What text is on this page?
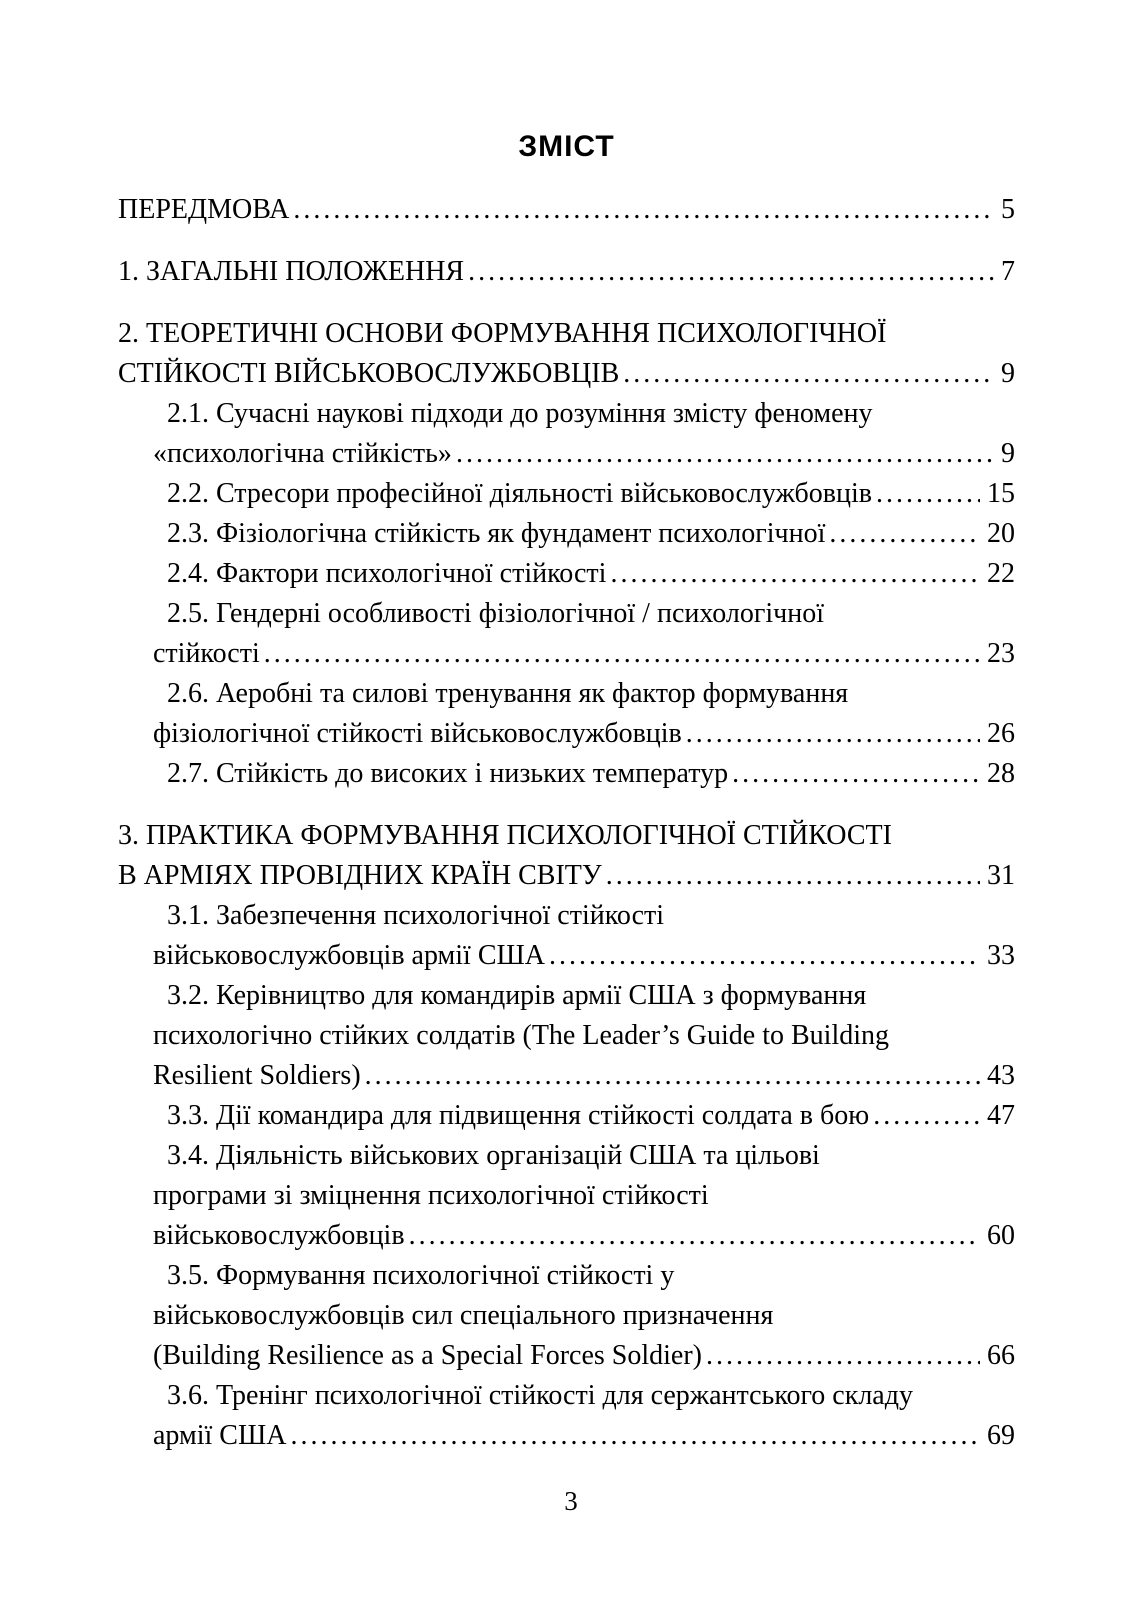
ЗМІСТ
ПЕРЕДМОВА .....	5
1. ЗАГАЛЬНІ ПОЛОЖЕННЯ .....	7
2. ТЕОРЕТИЧНІ ОСНОВИ ФОРМУВАННЯ ПСИХОЛОГІЧНОЇ
СТІЙКОСТІ ВІЙСЬКОВОСЛУЖБОВЦІВ .....	9
2.1. Сучасні наукові підходи до розуміння змісту феномену
«психологічна стійкість» .....	9
2.2. Стресори професійної діяльності військовослужбовців .....	15
2.3. Фізіологічна стійкість як фундамент психологічної .....	20
2.4. Фактори психологічної стійкості .....	22
2.5. Гендерні особливості фізіологічної / психологічної
стійкості .....	23
2.6. Аеробні та силові тренування як фактор формування
фізіологічної стійкості військовослужбовців .....	26
2.7. Стійкість до високих і низьких температур .....	28
3. ПРАКТИКА ФОРМУВАННЯ ПСИХОЛОГІЧНОЇ СТІЙКОСТІ
В АРМІЯХ ПРОВІДНИХ КРАЇН СВІТУ .....	31
3.1. Забезпечення психологічної стійкості
військовослужбовців армії США .....	33
3.2. Керівництво для командирів армії США з формування
психологічно стійких солдатів (The Leader’s Guide to Building
Resilient Soldiers) .....	43
3.3. Дії командира для підвищення стійкості солдата в бою .....	47
3.4. Діяльність військових організацій США та цільові
програми зі зміцнення психологічної стійкості
військовослужбовців .....	60
3.5. Формування психологічної стійкості у
військовослужбовців сил спеціального призначення
(Building Resilience as a Special Forces Soldier) .....	66
3.6. Тренінг психологічної стійкості для сержантського складу
армії США .....	69
3
